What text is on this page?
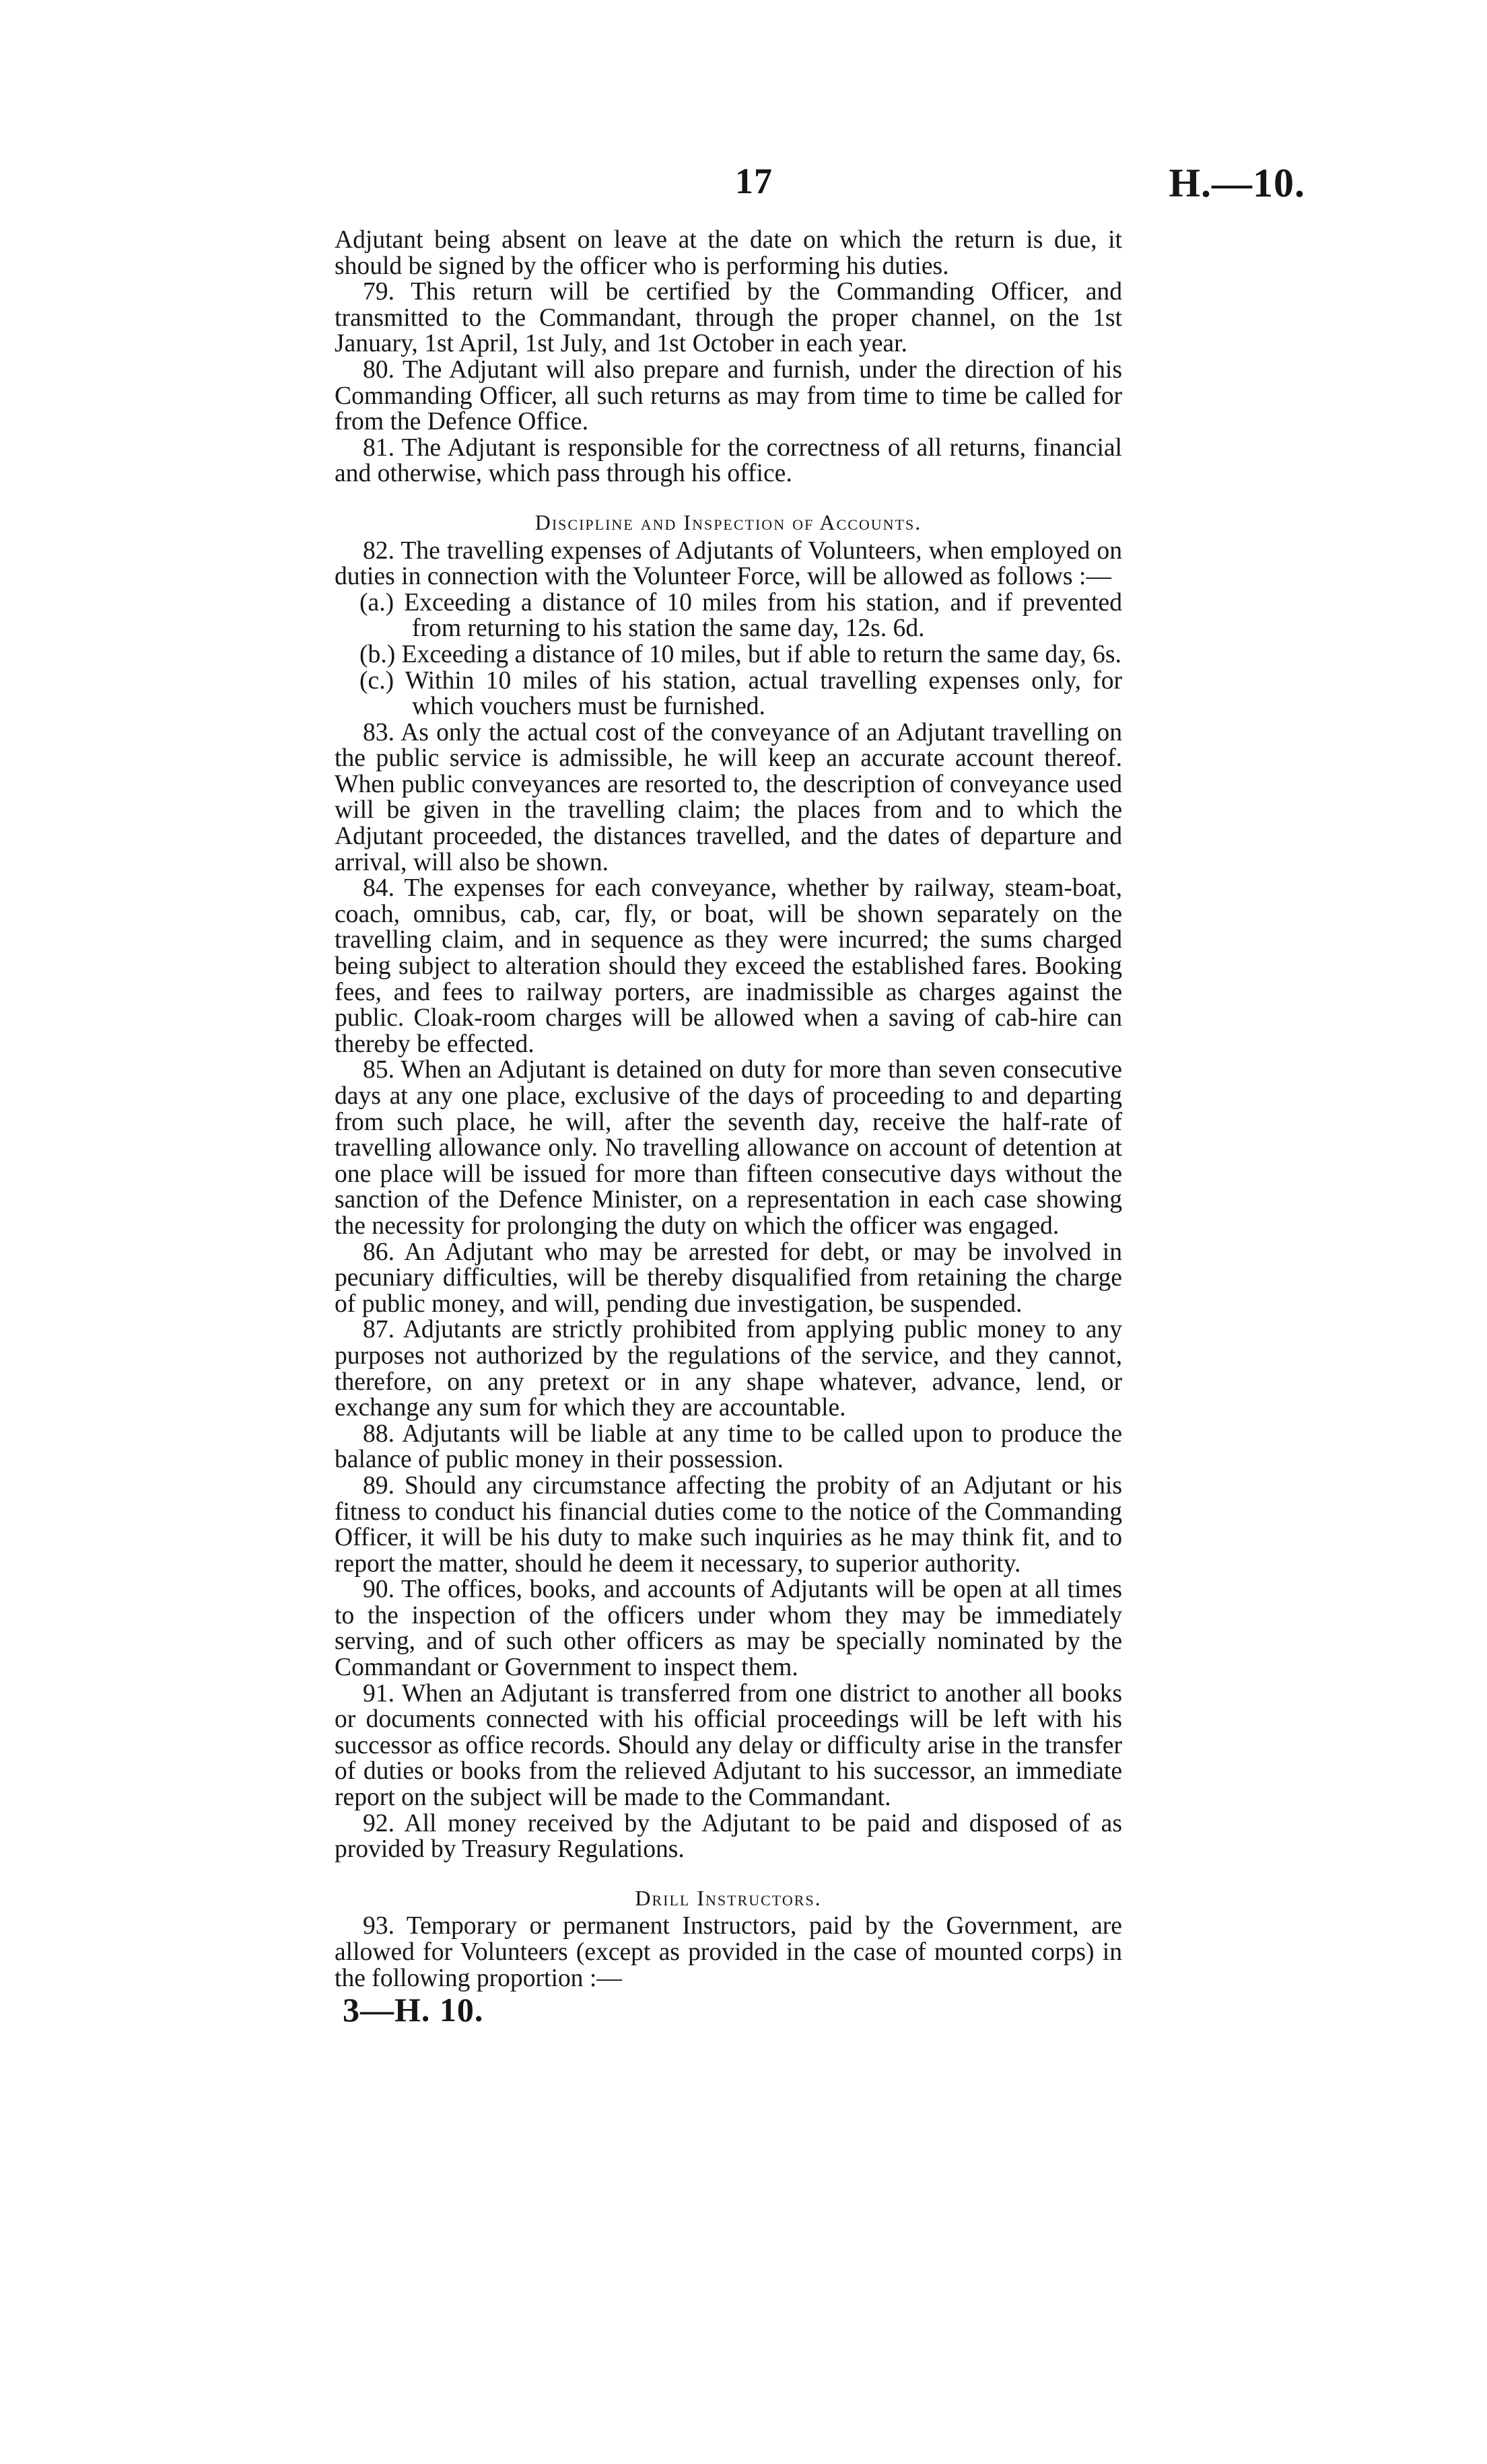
17	H.—10.

Adjutant being absent on leave at the date on which the return is due, it should be signed by the officer who is performing his duties.

79. This return will be certified by the Commanding Officer, and transmitted to the Commandant, through the proper channel, on the 1st January, 1st April, 1st July, and 1st October in each year.

80. The Adjutant will also prepare and furnish, under the direction of his Commanding Officer, all such returns as may from time to time be called for from the Defence Office.

81. The Adjutant is responsible for the correctness of all returns, financial and otherwise, which pass through his office.

Discipline and Inspection of Accounts.

82. The travelling expenses of Adjutants of Volunteers, when employed on duties in connection with the Volunteer Force, will be allowed as follows :—

(a.) Exceeding a distance of 10 miles from his station, and if prevented from returning to his station the same day, 12s. 6d.
(b.) Exceeding a distance of 10 miles, but if able to return the same day, 6s.
(c.) Within 10 miles of his station, actual travelling expenses only, for which vouchers must be furnished.

83. As only the actual cost of the conveyance of an Adjutant travelling on the public service is admissible, he will keep an accurate account thereof. When public conveyances are resorted to, the description of conveyance used will be given in the travelling claim; the places from and to which the Adjutant proceeded, the distances travelled, and the dates of departure and arrival, will also be shown.

84. The expenses for each conveyance, whether by railway, steam-boat, coach, omnibus, cab, car, fly, or boat, will be shown separately on the travelling claim, and in sequence as they were incurred; the sums charged being subject to alteration should they exceed the established fares. Booking fees, and fees to railway porters, are inadmissible as charges against the public. Cloak-room charges will be allowed when a saving of cab-hire can thereby be effected.

85. When an Adjutant is detained on duty for more than seven consecutive days at any one place, exclusive of the days of proceeding to and departing from such place, he will, after the seventh day, receive the half-rate of travelling allowance only. No travelling allowance on account of detention at one place will be issued for more than fifteen consecutive days without the sanction of the Defence Minister, on a representation in each case showing the necessity for prolonging the duty on which the officer was engaged.

86. An Adjutant who may be arrested for debt, or may be involved in pecuniary difficulties, will be thereby disqualified from retaining the charge of public money, and will, pending due investigation, be suspended.

87. Adjutants are strictly prohibited from applying public money to any purposes not authorized by the regulations of the service, and they cannot, therefore, on any pretext or in any shape whatever, advance, lend, or exchange any sum for which they are accountable.

88. Adjutants will be liable at any time to be called upon to produce the balance of public money in their possession.

89. Should any circumstance affecting the probity of an Adjutant or his fitness to conduct his financial duties come to the notice of the Commanding Officer, it will be his duty to make such inquiries as he may think fit, and to report the matter, should he deem it necessary, to superior authority.

90. The offices, books, and accounts of Adjutants will be open at all times to the inspection of the officers under whom they may be immediately serving, and of such other officers as may be specially nominated by the Commandant or Government to inspect them.

91. When an Adjutant is transferred from one district to another all books or documents connected with his official proceedings will be left with his successor as office records. Should any delay or difficulty arise in the transfer of duties or books from the relieved Adjutant to his successor, an immediate report on the subject will be made to the Commandant.

92. All money received by the Adjutant to be paid and disposed of as provided by Treasury Regulations.

Drill Instructors.

93. Temporary or permanent Instructors, paid by the Government, are allowed for Volunteers (except as provided in the case of mounted corps) in the following proportion :—

3—H. 10.
